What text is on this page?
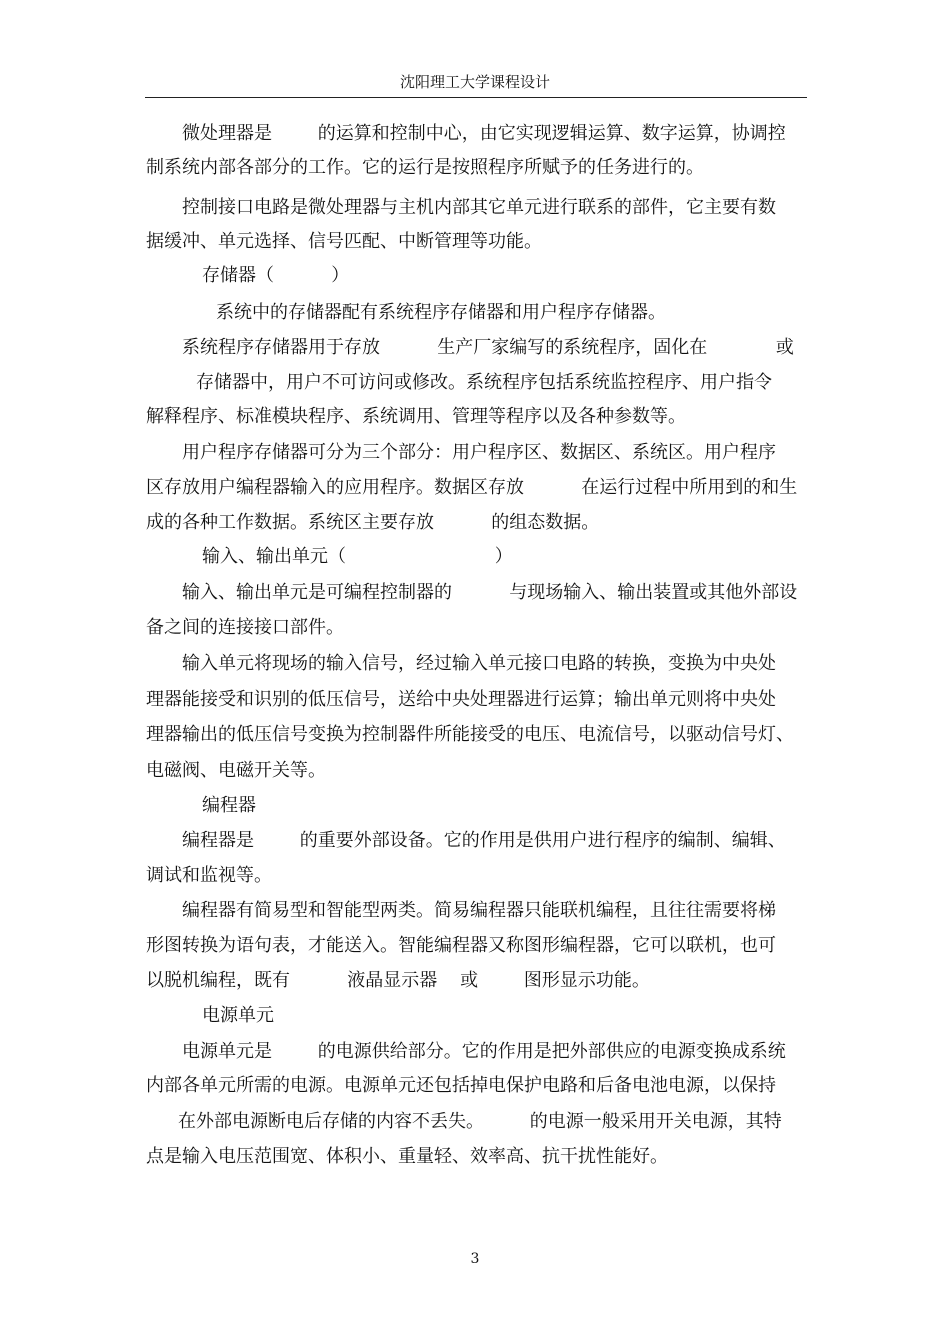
沈阳理工大学课程设计
微处理器是        的运算和控制中心，由它实现逻辑运算、数字运算，协调控
制系统内部各部分的工作。它的运行是按照程序所赋予的任务进行的。
控制接口电路是微处理器与主机内部其它单元进行联系的部件，它主要有数
据缓冲、单元选择、信号匹配、中断管理等功能。
存储器（          ）
系统中的存储器配有系统程序存储器和用户程序存储器。
系统程序存储器用于存放          生产厂家编写的系统程序，固化在            或
存储器中，用户不可访问或修改。系统程序包括系统监控程序、用户指令
解释程序、标准模块程序、系统调用、管理等程序以及各种参数等。
用户程序存储器可分为三个部分：用户程序区、数据区、系统区。用户程序
区存放用户编程器输入的应用程序。数据区存放          在运行过程中所用到的和生
成的各种工作数据。系统区主要存放          的组态数据。
输入、输出单元（                          ）
输入、输出单元是可编程控制器的          与现场输入、输出装置或其他外部设
备之间的连接接口部件。
输入单元将现场的输入信号，经过输入单元接口电路的转换，变换为中央处
理器能接受和识别的低压信号，送给中央处理器进行运算；输出单元则将中央处
理器输出的低压信号变换为控制器件所能接受的电压、电流信号，以驱动信号灯、
电磁阀、电磁开关等。
编程器
编程器是        的重要外部设备。它的作用是供用户进行程序的编制、编辑、
调试和监视等。
编程器有简易型和智能型两类。简易编程器只能联机编程，且往往需要将梯
形图转换为语句表，才能送入。智能编程器又称图形编程器，它可以联机，也可
以脱机编程，既有          液晶显示器    或        图形显示功能。
电源单元
电源单元是        的电源供给部分。它的作用是把外部供应的电源变换成系统
内部各单元所需的电源。电源单元还包括掉电保护电路和后备电池电源，以保持
在外部电源断电后存储的内容不丢失。        的电源一般采用开关电源，其特
点是输入电压范围宽、体积小、重量轻、效率高、抗干扰性能好。
3
